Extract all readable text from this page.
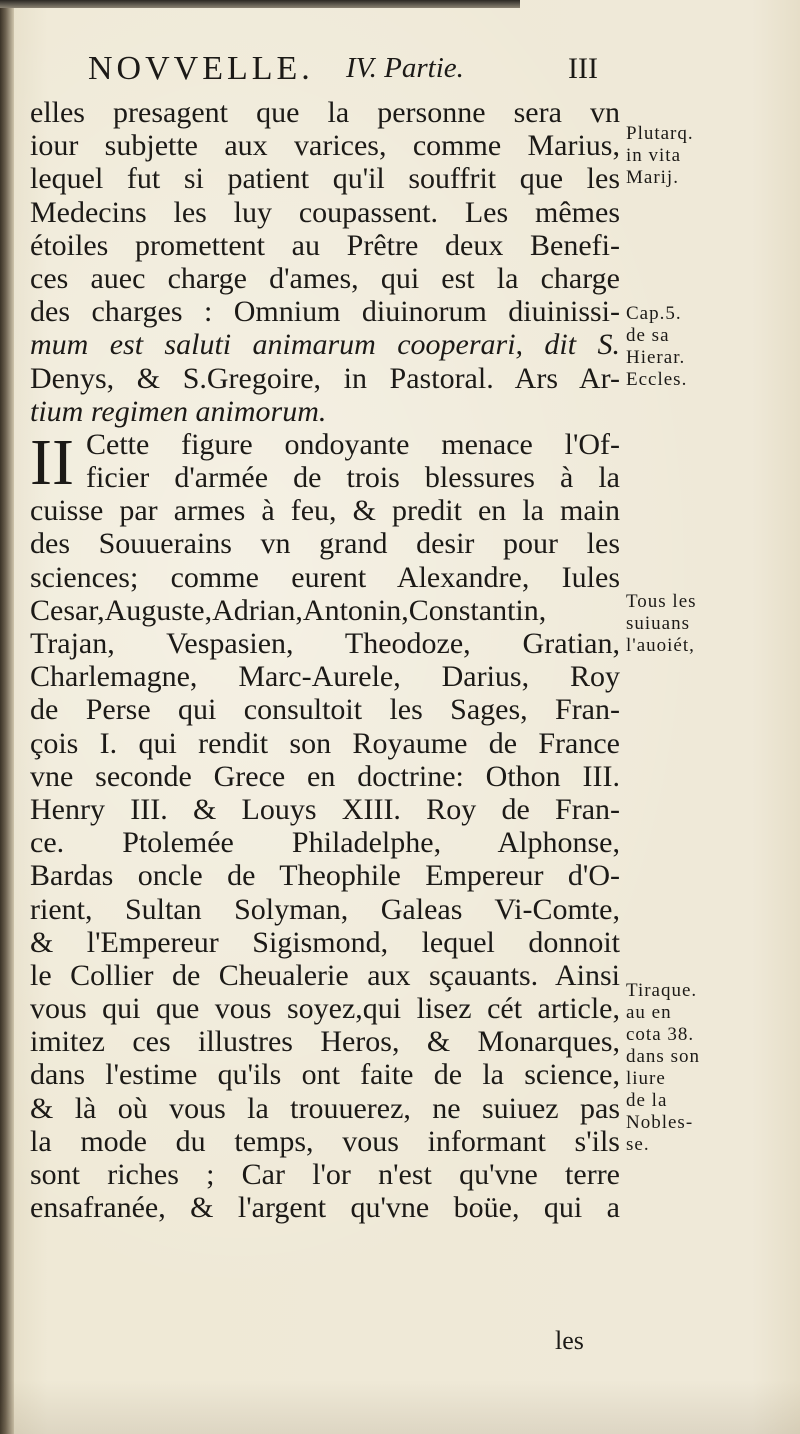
NOVVELLE. IV. Partie.	III
elles presagent que la personne sera vn
iour subjette aux varices, comme Marius,
lequel fut si patient qu'il souffrit que les
Medecins les luy coupassent. Les mêmes
étoiles promettent au Prêtre deux Benefi-
ces auec charge d'ames, qui est la charge
des charges : Omnium diuinorum diuinissi-
mum est saluti animarum cooperari, dit S.
Denys, & S.Gregoire, in Pastoral. Ars Ar-
tium regimen animorum.
II Cette figure ondoyante menace l'Of-
ficier d'armée de trois blessures à la
cuisse par armes à feu, & predit en la main
des Souuerains vn grand desir pour les
sciences; comme eurent Alexandre, Iules
Cesar,Auguste,Adrian,Antonin,Constantin,
Trajan, Vespasien, Theodoze, Gratian,
Charlemagne, Marc-Aurele, Darius, Roy
de Perse qui consultoit les Sages, Fran-
çois I. qui rendit son Royaume de France
vne seconde Grece en doctrine: Othon III.
Henry III. & Louys XIII. Roy de Fran-
ce. Ptolemée Philadelphe, Alphonse,
Bardas oncle de Theophile Empereur d'O-
rient, Sultan Solyman, Galeas Vi-Comte,
& l'Empereur Sigismond, lequel donnoit
le Collier de Cheualerie aux sçauants. Ainsi
vous qui que vous soyez,qui lisez cét article,
imitez ces illustres Heros, & Monarques,
dans l'estime qu'ils ont faite de la science,
& là où vous la trouuerez, ne suiuez pas
la mode du temps, vous informant s'ils
sont riches ; Car l'or n'est qu'vne terre
ensafranée, & l'argent qu'vne boüe, qui a
les
Plutarq.
in vita
Marij.
Cap.5.
de sa
Hierar.
Eccles.
Tous les
suiuans
l'auoiét,
Tiraque.
au en
cota 38.
dans son
liure
de la
Nobles-
se.
